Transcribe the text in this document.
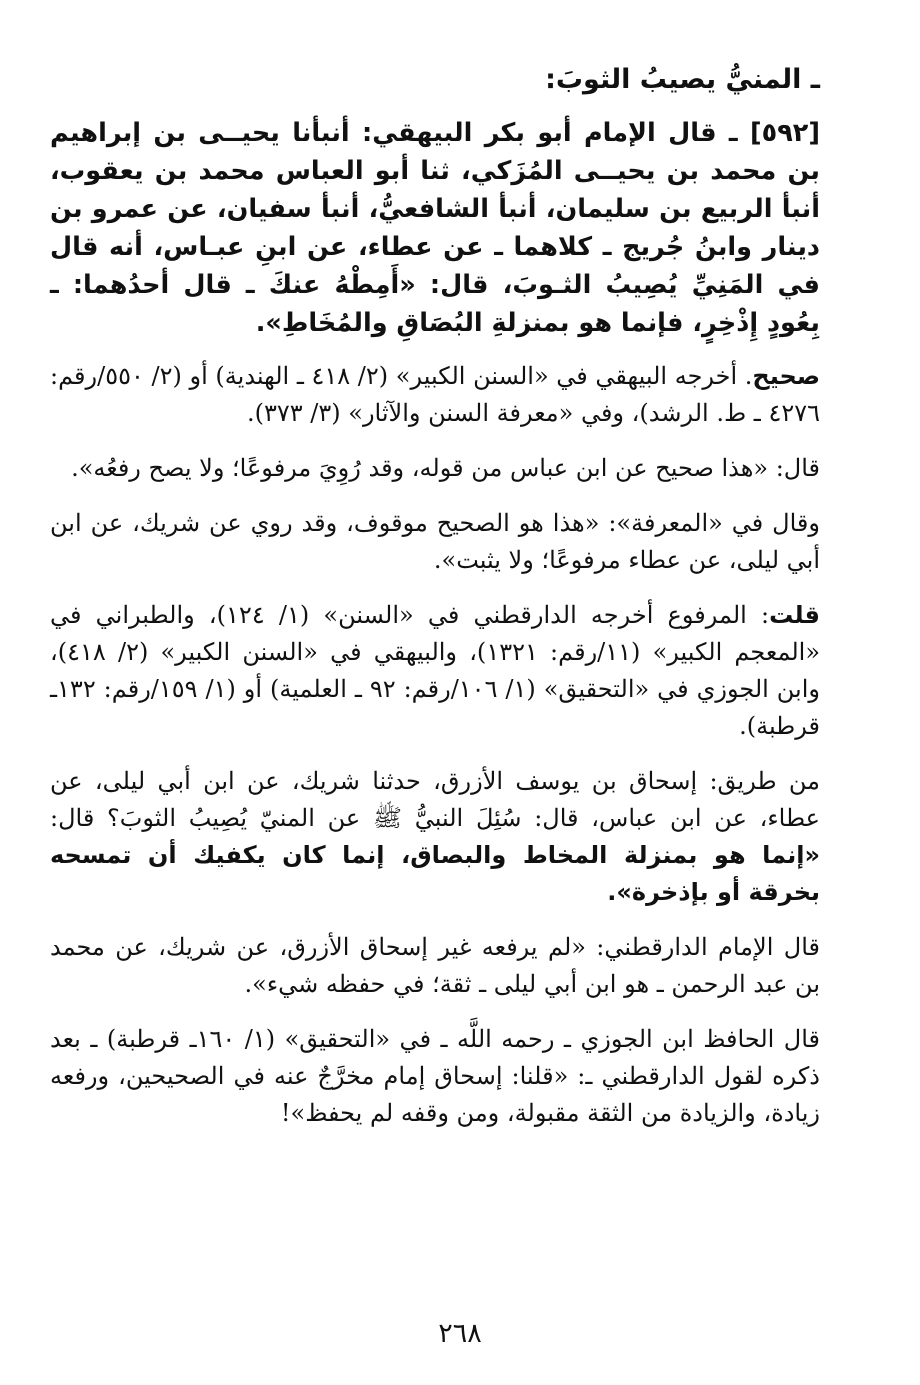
ـ المنيُّ يصيبُ الثوبَ:
[٥٩٢] ـ قال الإمام أبو بكر البيهقي: أنبأنا يحيــى بن إبراهيم بن محمد بن يحيــى المُزَكي، ثنا أبو العباس محمد بن يعقوب، أنبأ الربيع بن سليمان، أنبأ الشافعيُّ، أنبأ سفيان، عن عمرو بن دينار وابنُ جُريج ـ كلاهما ـ عن عطاء، عن ابنِ عبـاس، أنه قال في المَنِيِّ يُصِيبُ الثـوبَ، قال: «أَمِطْهُ عنكَ ـ قال أحدُهما: ـ بِعُودٍ إِذْخِرٍ، فإنما هو بمنزلةِ البُصَاقِ والمُخَاطِ».
صحيح. أخرجه البيهقي في «السنن الكبير» (٢/ ٤١٨ ـ الهندية) أو (٢/ ٥٥٠/رقم: ٤٢٧٦ ـ ط. الرشد)، وفي «معرفة السنن والآثار» (٣/ ٣٧٣).
قال: «هذا صحيح عن ابن عباس من قوله، وقد رُوِيَ مرفوعًا؛ ولا يصح رفعُه».
وقال في «المعرفة»: «هذا هو الصحيح موقوف، وقد روي عن شريك، عن ابن أبي ليلى، عن عطاء مرفوعًا؛ ولا يثبت».
قلت: المرفوع أخرجه الدارقطني في «السنن» (١/ ١٢٤)، والطبراني في «المعجم الكبير» (١١/رقم: ١٣٢١)، والبيهقي في «السنن الكبير» (٢/ ٤١٨)، وابن الجوزي في «التحقيق» (١/ ١٠٦/رقم: ٩٢ ـ العلمية) أو (١/ ١٥٩/رقم: ١٣٢ـ قرطبة).
من طريق: إسحاق بن يوسف الأزرق، حدثنا شريك، عن ابن أبي ليلى، عن عطاء، عن ابن عباس، قال: سُئِلَ النبيُّ ﷺ عن المنيّ يُصِيبُ الثوبَ؟ قال: «إنما هو بمنزلة المخاط والبصاق، إنما كان يكفيك أن تمسحه بخرقة أو بإذخرة».
قال الإمام الدارقطني: «لم يرفعه غير إسحاق الأزرق، عن شريك، عن محمد بن عبد الرحمن ـ هو ابن أبي ليلى ـ ثقة؛ في حفظه شيء».
قال الحافظ ابن الجوزي ـ رحمه اللَّه ـ في «التحقيق» (١/ ١٦٠ـ قرطبة) ـ بعد ذكره لقول الدارقطني ـ: «قلنا: إسحاق إمام مخرَّجٌ عنه في الصحيحين، ورفعه زيادة، والزيادة من الثقة مقبولة، ومن وقفه لم يحفظ»!
٢٦٨
